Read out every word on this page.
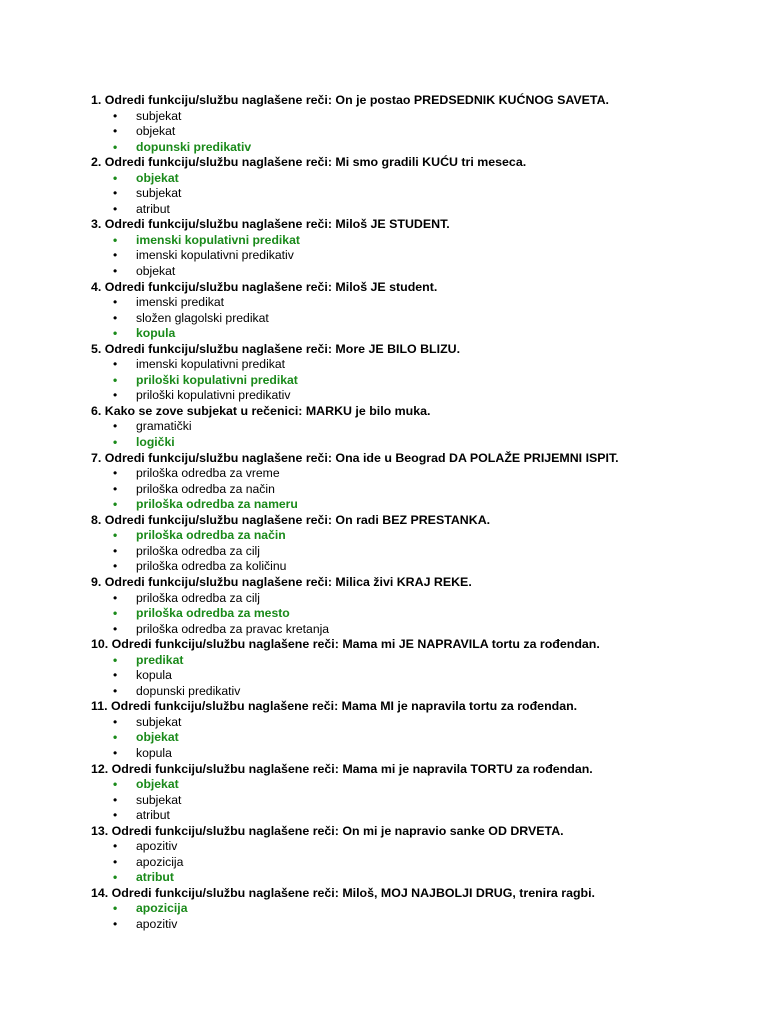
1. Odredi funkciju/službu naglašene reči: On je postao PREDSEDNIK KUĆNOG SAVETA.
• subjekat
• objekat
• dopunski predikativ
2. Odredi funkciju/službu naglašene reči: Mi smo gradili KUĆU tri meseca.
• objekat
• subjekat
• atribut
3. Odredi funkciju/službu naglašene reči: Miloš JE STUDENT.
• imenski kopulativni predikat
• imenski kopulativni predikativ
• objekat
4. Odredi funkciju/službu naglašene reči: Miloš JE student.
• imenski predikat
• složen glagolski predikat
• kopula
5. Odredi funkciju/službu naglašene reči: More JE BILO BLIZU.
• imenski kopulativni predikat
• priloški kopulativni predikat
• priloški kopulativni predikativ
6. Kako se zove subjekat u rečenici: MARKU je bilo muka.
• gramatički
• logički
7. Odredi funkciju/službu naglašene reči: Ona ide u Beograd DA POLAŽE PRIJEMNI ISPIT.
• priloška odredba za vreme
• priloška odredba za način
• priloška odredba za nameru
8. Odredi funkciju/službu naglašene reči: On radi BEZ PRESTANKA.
• priloška odredba za način
• priloška odredba za cilj
• priloška odredba za količinu
9. Odredi funkciju/službu naglašene reči: Milica živi KRAJ REKE.
• priloška odredba za cilj
• priloška odredba za mesto
• priloška odredba za pravac kretanja
10. Odredi funkciju/službu naglašene reči: Mama mi JE NAPRAVILA tortu za rođendan.
• predikat
• kopula
• dopunski predikativ
11. Odredi funkciju/službu naglašene reči: Mama MI je napravila tortu za rođendan.
• subjekat
• objekat
• kopula
12. Odredi funkciju/službu naglašene reči: Mama mi je napravila TORTU za rođendan.
• objekat
• subjekat
• atribut
13. Odredi funkciju/službu naglašene reči: On mi je napravio sanke OD DRVETA.
• apozitiv
• apozicija
• atribut
14. Odredi funkciju/službu naglašene reči: Miloš, MOJ NAJBOLJI DRUG, trenira ragbi.
• apozicija
• apozitiv
